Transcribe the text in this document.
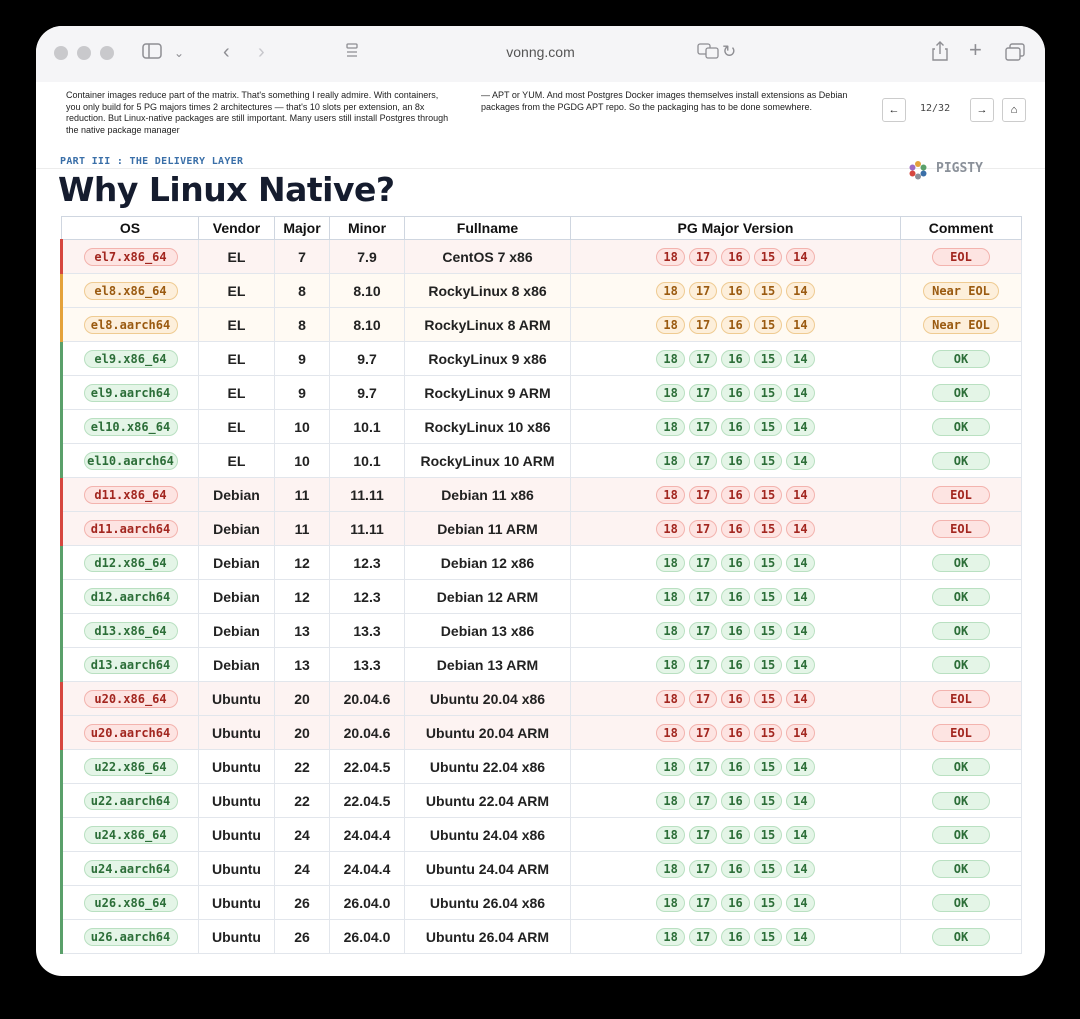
⌄ ‹ ›	vonng.com	↻	+
Container images reduce part of the matrix. That's something I really admire. With containers, you only build for 5 PG majors times 2 architectures — that's 10 slots per extension, an 8x reduction. But Linux-native packages are still important. Many users still install Postgres through the native package manager
— APT or YUM. And most Postgres Docker images themselves install extensions as Debian packages from the PGDG APT repo. So the packaging has to be done somewhere.	←	12/32	→	⌂
PART III : THE DELIVERY LAYER
Why Linux Native?
PIGSTY
OS	Vendor	Major	Minor	Fullname	PG Major Version	Comment
el7.x86_64	EL	7	7.9	CentOS 7 x86	18 17 16 15 14	EOL
el8.x86_64	EL	8	8.10	RockyLinux 8 x86	18 17 16 15 14	Near EOL
el8.aarch64	EL	8	8.10	RockyLinux 8 ARM	18 17 16 15 14	Near EOL
el9.x86_64	EL	9	9.7	RockyLinux 9 x86	18 17 16 15 14	OK
el9.aarch64	EL	9	9.7	RockyLinux 9 ARM	18 17 16 15 14	OK
el10.x86_64	EL	10	10.1	RockyLinux 10 x86	18 17 16 15 14	OK
el10.aarch64	EL	10	10.1	RockyLinux 10 ARM	18 17 16 15 14	OK
d11.x86_64	Debian	11	11.11	Debian 11 x86	18 17 16 15 14	EOL
d11.aarch64	Debian	11	11.11	Debian 11 ARM	18 17 16 15 14	EOL
d12.x86_64	Debian	12	12.3	Debian 12 x86	18 17 16 15 14	OK
d12.aarch64	Debian	12	12.3	Debian 12 ARM	18 17 16 15 14	OK
d13.x86_64	Debian	13	13.3	Debian 13 x86	18 17 16 15 14	OK
d13.aarch64	Debian	13	13.3	Debian 13 ARM	18 17 16 15 14	OK
u20.x86_64	Ubuntu	20	20.04.6	Ubuntu 20.04 x86	18 17 16 15 14	EOL
u20.aarch64	Ubuntu	20	20.04.6	Ubuntu 20.04 ARM	18 17 16 15 14	EOL
u22.x86_64	Ubuntu	22	22.04.5	Ubuntu 22.04 x86	18 17 16 15 14	OK
u22.aarch64	Ubuntu	22	22.04.5	Ubuntu 22.04 ARM	18 17 16 15 14	OK
u24.x86_64	Ubuntu	24	24.04.4	Ubuntu 24.04 x86	18 17 16 15 14	OK
u24.aarch64	Ubuntu	24	24.04.4	Ubuntu 24.04 ARM	18 17 16 15 14	OK
u26.x86_64	Ubuntu	26	26.04.0	Ubuntu 26.04 x86	18 17 16 15 14	OK
u26.aarch64	Ubuntu	26	26.04.0	Ubuntu 26.04 ARM	18 17 16 15 14	OK
